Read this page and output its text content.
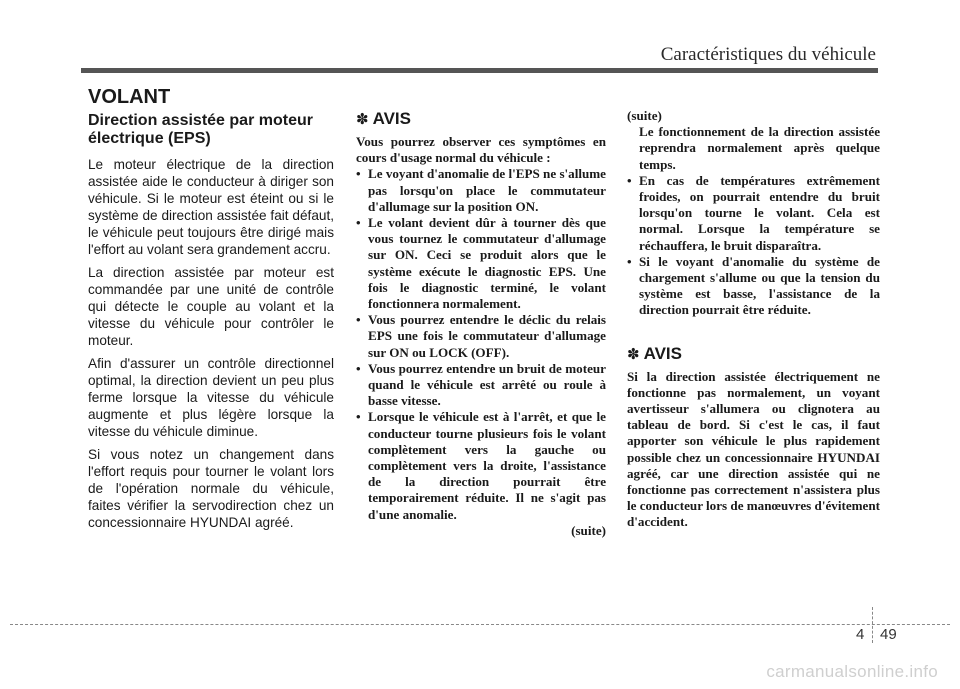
Caractéristiques du véhicule
VOLANT
Direction assistée par moteur électrique (EPS)

Le moteur électrique de la direction assistée aide le conducteur à diriger son véhicule. Si le moteur est éteint ou si le système de direction assistée fait défaut, le véhicule peut toujours être dirigé mais l'effort au volant sera grandement accru.

La direction assistée par moteur est commandée par une unité de contrôle qui détecte le couple au volant et la vitesse du véhicule pour contrôler le moteur.

Afin d'assurer un contrôle directionnel optimal, la direction devient un peu plus ferme lorsque la vitesse du véhicule augmente et plus légère lorsque la vitesse du véhicule diminue.

Si vous notez un changement dans l'effort requis pour tourner le volant lors de l'opération normale du véhicule, faites vérifier la servodirection chez un concessionnaire HYUNDAI agréé.

✽ AVIS

Vous pourrez observer ces symptômes en cours d'usage normal du véhicule :

• Le voyant d'anomalie de l'EPS ne s'allume pas lorsqu'on place le commutateur d'allumage sur la position ON.
• Le volant devient dûr à tourner dès que vous tournez le commutateur d'allumage sur ON. Ceci se produit alors que le système exécute le diagnostic EPS. Une fois le diagnostic terminé, le volant fonctionnera normalement.
• Vous pourrez entendre le déclic du relais EPS une fois le commutateur d'allumage sur ON ou LOCK (OFF).
• Vous pourrez entendre un bruit de moteur quand le véhicule est arrêté ou roule à basse vitesse.
• Lorsque le véhicule est à l'arrêt, et que le conducteur tourne plusieurs fois le volant complètement vers la gauche ou complètement vers la droite, l'assistance de la direction pourrait être temporairement réduite. Il ne s'agit pas d'une anomalie.

(suite)

(suite)

Le fonctionnement de la direction assistée reprendra normalement après quelque temps.

• En cas de températures extrêmement froides, on pourrait entendre du bruit lorsqu'on tourne le volant. Cela est normal. Lorsque la température se réchauffera, le bruit disparaîtra.
• Si le voyant d'anomalie du système de chargement s'allume ou que la tension du système est basse, l'assistance de la direction pourrait être réduite.
✽ AVIS

Si la direction assistée électriquement ne fonctionne pas normalement, un voyant avertisseur s'allumera ou clignotera au tableau de bord. Si c'est le cas, il faut apporter son véhicule le plus rapidement possible chez un concessionnaire HYUNDAI agréé, car une direction assistée qui ne fonctionne pas correctement n'assistera plus le conducteur lors de manœuvres d'évitement d'accident.

4 49
carmanualsonline.info
